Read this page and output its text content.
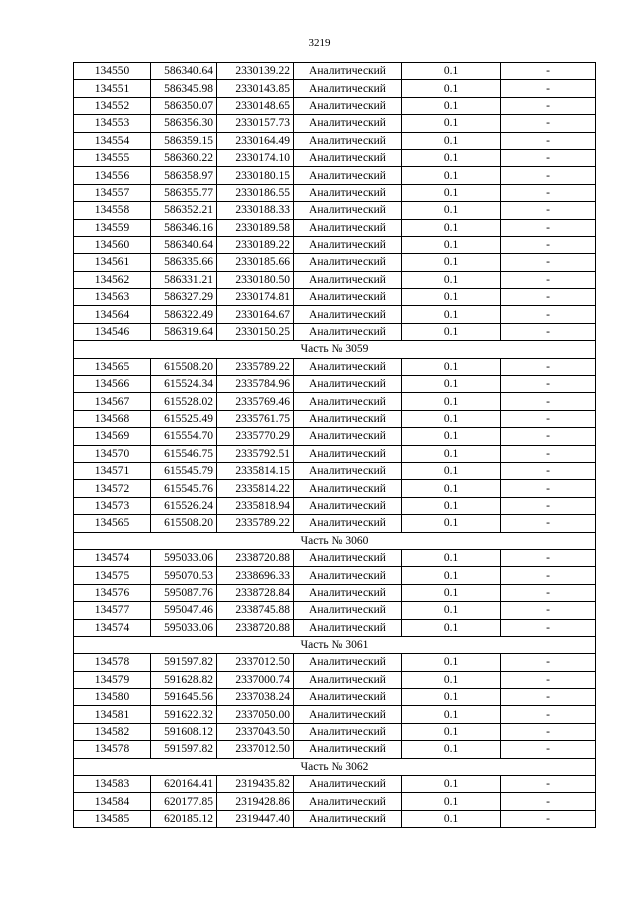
3219
134550	586340.64	2330139.22	Аналитический	0.1	-
134551	586345.98	2330143.85	Аналитический	0.1	-
134552	586350.07	2330148.65	Аналитический	0.1	-
134553	586356.30	2330157.73	Аналитический	0.1	-
134554	586359.15	2330164.49	Аналитический	0.1	-
134555	586360.22	2330174.10	Аналитический	0.1	-
134556	586358.97	2330180.15	Аналитический	0.1	-
134557	586355.77	2330186.55	Аналитический	0.1	-
134558	586352.21	2330188.33	Аналитический	0.1	-
134559	586346.16	2330189.58	Аналитический	0.1	-
134560	586340.64	2330189.22	Аналитический	0.1	-
134561	586335.66	2330185.66	Аналитический	0.1	-
134562	586331.21	2330180.50	Аналитический	0.1	-
134563	586327.29	2330174.81	Аналитический	0.1	-
134564	586322.49	2330164.67	Аналитический	0.1	-
134546	586319.64	2330150.25	Аналитический	0.1	-
Часть № 3059					
134565	615508.20	2335789.22	Аналитический	0.1	-
134566	615524.34	2335784.96	Аналитический	0.1	-
134567	615528.02	2335769.46	Аналитический	0.1	-
134568	615525.49	2335761.75	Аналитический	0.1	-
134569	615554.70	2335770.29	Аналитический	0.1	-
134570	615546.75	2335792.51	Аналитический	0.1	-
134571	615545.79	2335814.15	Аналитический	0.1	-
134572	615545.76	2335814.22	Аналитический	0.1	-
134573	615526.24	2335818.94	Аналитический	0.1	-
134565	615508.20	2335789.22	Аналитический	0.1	-
Часть № 3060					
134574	595033.06	2338720.88	Аналитический	0.1	-
134575	595070.53	2338696.33	Аналитический	0.1	-
134576	595087.76	2338728.84	Аналитический	0.1	-
134577	595047.46	2338745.88	Аналитический	0.1	-
134574	595033.06	2338720.88	Аналитический	0.1	-
Часть № 3061					
134578	591597.82	2337012.50	Аналитический	0.1	-
134579	591628.82	2337000.74	Аналитический	0.1	-
134580	591645.56	2337038.24	Аналитический	0.1	-
134581	591622.32	2337050.00	Аналитический	0.1	-
134582	591608.12	2337043.50	Аналитический	0.1	-
134578	591597.82	2337012.50	Аналитический	0.1	-
Часть № 3062					
134583	620164.41	2319435.82	Аналитический	0.1	-
134584	620177.85	2319428.86	Аналитический	0.1	-
134585	620185.12	2319447.40	Аналитический	0.1	-
